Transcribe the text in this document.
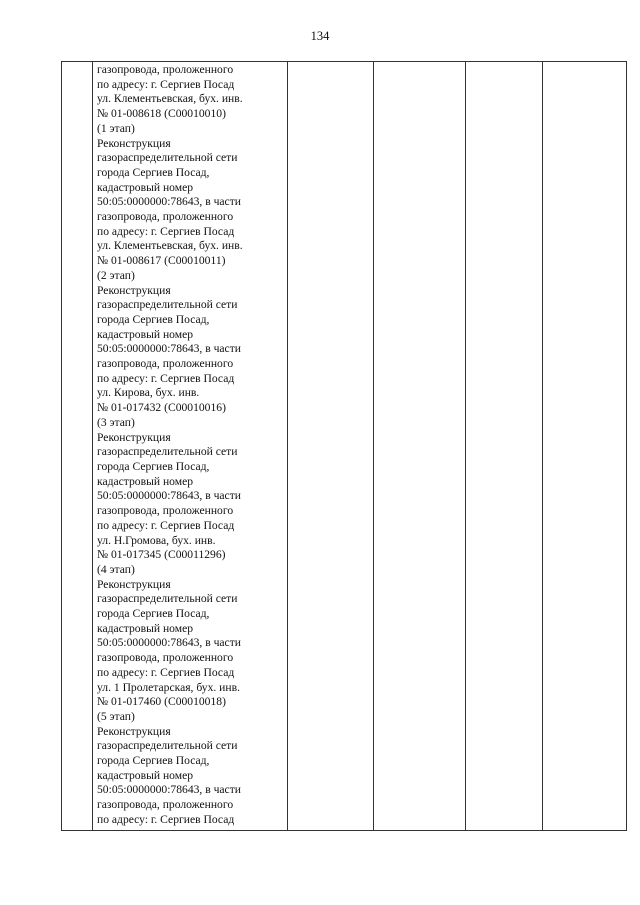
134
	газопровода, проложенного
по адресу: г. Сергиев Посад
ул. Клементьевская, бух. инв.
№ 01-008618 (С00010010)
(1 этап)
Реконструкция
газораспределительной сети
города Сергиев Посад,
кадастровый номер
50:05:0000000:78643, в части
газопровода, проложенного
по адресу: г. Сергиев Посад
ул. Клементьевская, бух. инв.
№ 01-008617 (С00010011)
(2 этап)
Реконструкция
газораспределительной сети
города Сергиев Посад,
кадастровый номер
50:05:0000000:78643, в части
газопровода, проложенного
по адресу: г. Сергиев Посад
ул. Кирова, бух. инв.
№ 01-017432 (С00010016)
(3 этап)
Реконструкция
газораспределительной сети
города Сергиев Посад,
кадастровый номер
50:05:0000000:78643, в части
газопровода, проложенного
по адресу: г. Сергиев Посад
ул. Н.Громова, бух. инв.
№ 01-017345 (С00011296)
(4 этап)
Реконструкция
газораспределительной сети
города Сергиев Посад,
кадастровый номер
50:05:0000000:78643, в части
газопровода, проложенного
по адресу: г. Сергиев Посад
ул. 1 Пролетарская, бух. инв.
№ 01-017460 (С00010018)
(5 этап)
Реконструкция
газораспределительной сети
города Сергиев Посад,
кадастровый номер
50:05:0000000:78643, в части
газопровода, проложенного
по адресу: г. Сергиев Посад				
